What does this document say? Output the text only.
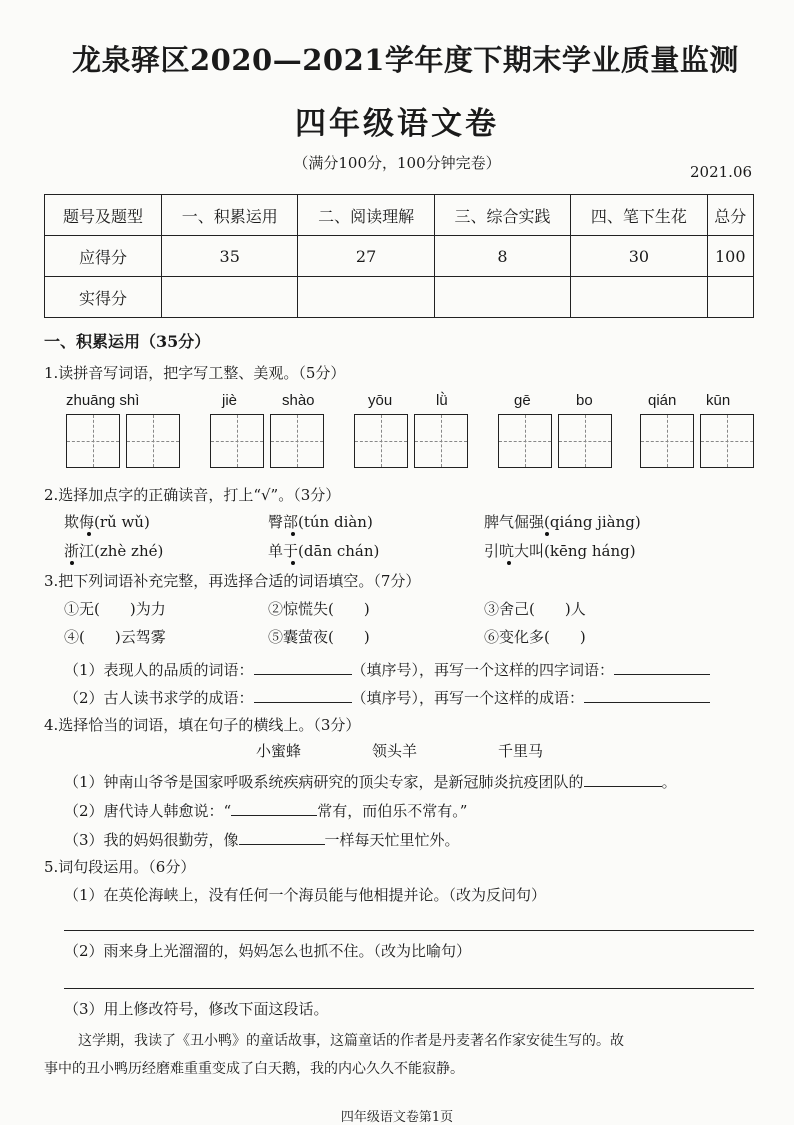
龙泉驿区2020—2021学年度下期末学业质量监测
四年级语文卷
（满分100分，100分钟完卷）	2021.06
题号及题型	一、积累运用	二、阅读理解	三、综合实践	四、笔下生花	总分
应得分	35	27	8	30	100
实得分					
一、积累运用（35分）
1.读拼音写词语，把字写工整、美观。（5分）
zhuāng shì	jiè	shào	yōu	lǜ	gē	bo	qián kūn
2.选择加点字的正确读音，打上“√”。（3分）
欺侮(rǔ wǔ)	臀部(tún diàn)	脾气倔强(qiáng jiàng)
浙江(zhè zhé)	单于(dān chán)	引吭大叫(kēng háng)
3.把下列词语补充完整，再选择合适的词语填空。（7分）
①无(　　)为力	②惊慌失(　　)	③舍己(　　)人
④(　　)云驾雾	⑤囊萤夜(　　)	⑥变化多(　　)
（1）表现人的品质的词语：	（填序号），再写一个这样的四字词语：
（2）古人读书求学的成语：	（填序号），再写一个这样的成语：
4.选择恰当的词语，填在句子的横线上。（3分）
小蜜蜂	领头羊	千里马
（1）钟南山爷爷是国家呼吸系统疾病研究的顶尖专家，是新冠肺炎抗疫团队的	。
（2）唐代诗人韩愈说：“	常有，而伯乐不常有。”
（3）我的妈妈很勤劳，像	一样每天忙里忙外。
5.词句段运用。（6分）
（1）在英伦海峡上，没有任何一个海员能与他相提并论。（改为反问句）
（2）雨来身上光溜溜的，妈妈怎么也抓不住。（改为比喻句）
（3）用上修改符号，修改下面这段话。
这学期，我读了《丑小鸭》的童话故事，这篇童话的作者是丹麦著名作家安徒生写的。故
事中的丑小鸭历经磨难重重变成了白天鹅，我的内心久久不能寂静。
四年级语文卷第1页
